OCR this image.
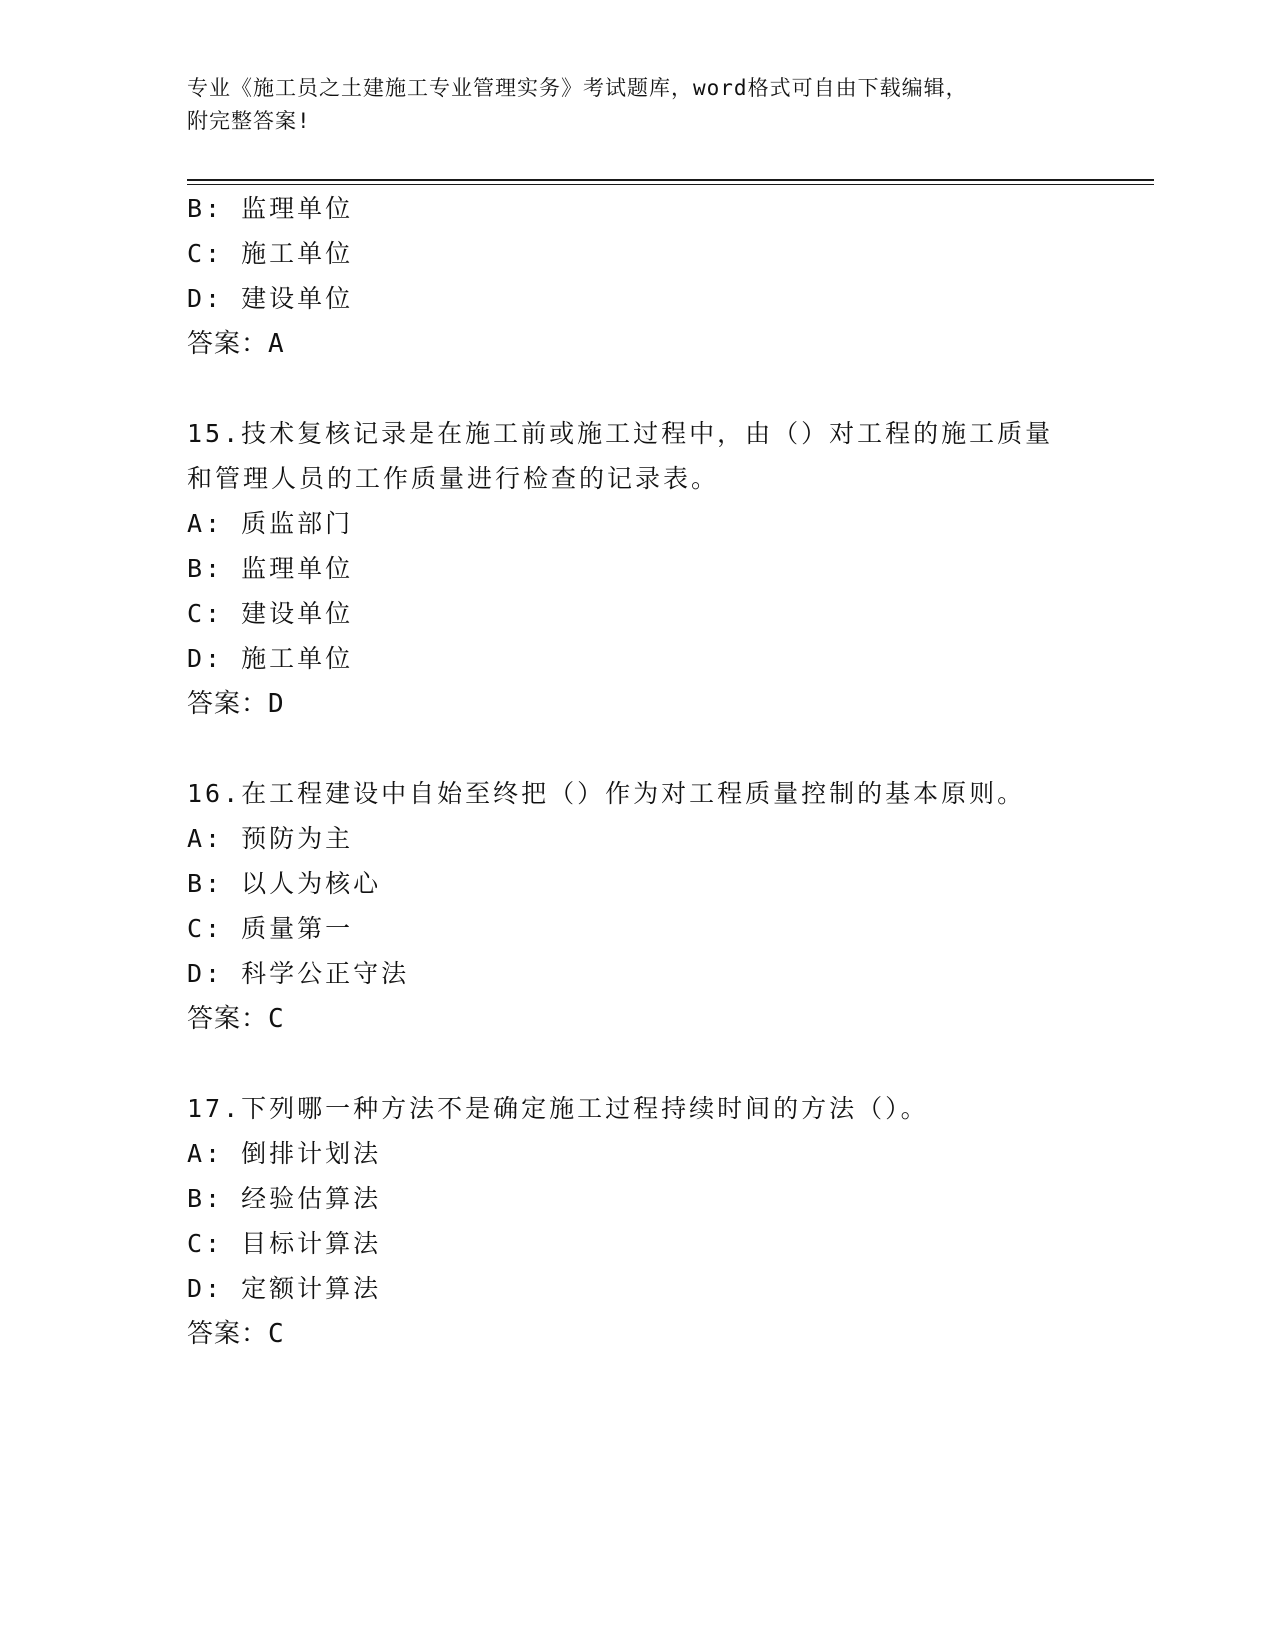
专业《施工员之土建施工专业管理实务》考试题库，word格式可自由下载编辑，
附完整答案!
B: 监理单位
C: 施工单位
D: 建设单位
答案：A
15.技术复核记录是在施工前或施工过程中，由（）对工程的施工质量
和管理人员的工作质量进行检查的记录表。
A: 质监部门
B: 监理单位
C: 建设单位
D: 施工单位
答案：D
16.在工程建设中自始至终把（）作为对工程质量控制的基本原则。
A: 预防为主
B: 以人为核心
C: 质量第一
D: 科学公正守法
答案：C
17.下列哪一种方法不是确定施工过程持续时间的方法（）。
A: 倒排计划法
B: 经验估算法
C: 目标计算法
D: 定额计算法
答案：C
